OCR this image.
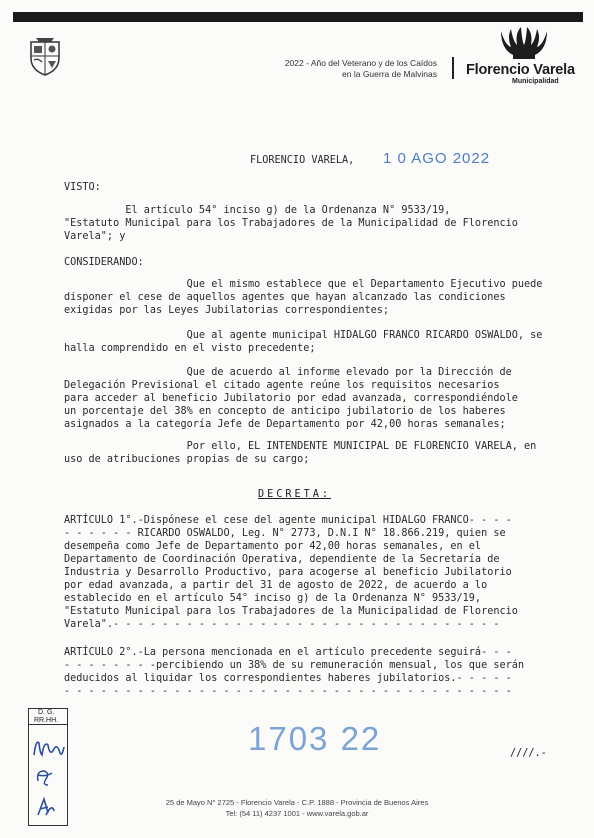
2022 - Año del Veterano y de los Caídos
en la Guerra de Malvinas Florencio Varela
Municipalidad
FLORENCIO VARELA, 1 0 AGO 2022
VISTO:
El artículo 54° inciso g) de la Ordenanza N° 9533/19,
"Estatuto Municipal para los Trabajadores de la Municipalidad de Florencio
Varela"; y
CONSIDERANDO:
Que el mismo establece que el Departamento Ejecutivo puede
disponer el cese de aquellos agentes que hayan alcanzado las condiciones
exigidas por las Leyes Jubilatorias correspondientes;
Que al agente municipal HIDALGO FRANCO RICARDO OSWALDO, se
halla comprendido en el visto precedente;
Que de acuerdo al informe elevado por la Dirección de
Delegación Previsional el citado agente reúne los requisitos necesarios
para acceder al beneficio Jubilatorio por edad avanzada, correspondiéndole
un porcentaje del 38% en concepto de anticipo jubilatorio de los haberes
asignados a la categoría Jefe de Departamento por 42,00 horas semanales;
Por ello, EL INTENDENTE MUNICIPAL DE FLORENCIO VARELA, en
uso de atribuciones propias de su cargo;
DECRETA:
ARTÍCULO 1°.-Dispónese el cese del agente municipal HIDALGO FRANCO- - - -
- - - - - - RICARDO OSWALDO, Leg. N° 2773, D.N.I N° 18.866.219, quien se
desempeña como Jefe de Departamento por 42,00 horas semanales, en el
Departamento de Coordinación Operativa, dependiente de la Secretaría de
Industria y Desarrollo Productivo, para acogerse al beneficio Jubilatorio
por edad avanzada, a partir del 31 de agosto de 2022, de acuerdo a lo
establecido en el artículo 54° inciso g) de la Ordenanza N° 9533/19,
"Estatuto Municipal para los Trabajadores de la Municipalidad de Florencio
Varela".- - - - - - - - - - - - - - - - - - - - - - - - - - - - - - - -
ARTÍCULO 2°.-La persona mencionada en el artículo precedente seguirá- - -
- - - - - - - -percibiendo un 38% de su remuneración mensual, los que serán
deducidos al liquidar los correspondientes haberes jubilatorios.- - - - -
- - - - - - - - - - - - - - - - - - - - - - - - - - - - - - - - - - - - -
D. G.
RR.HH.	1703 22	////.-
25 de Mayo N° 2725 - Florencio Varela - C.P. 1888 - Provincia de Buenos Aires
Tel: (54 11) 4237 1001 - www.varela.gob.ar
